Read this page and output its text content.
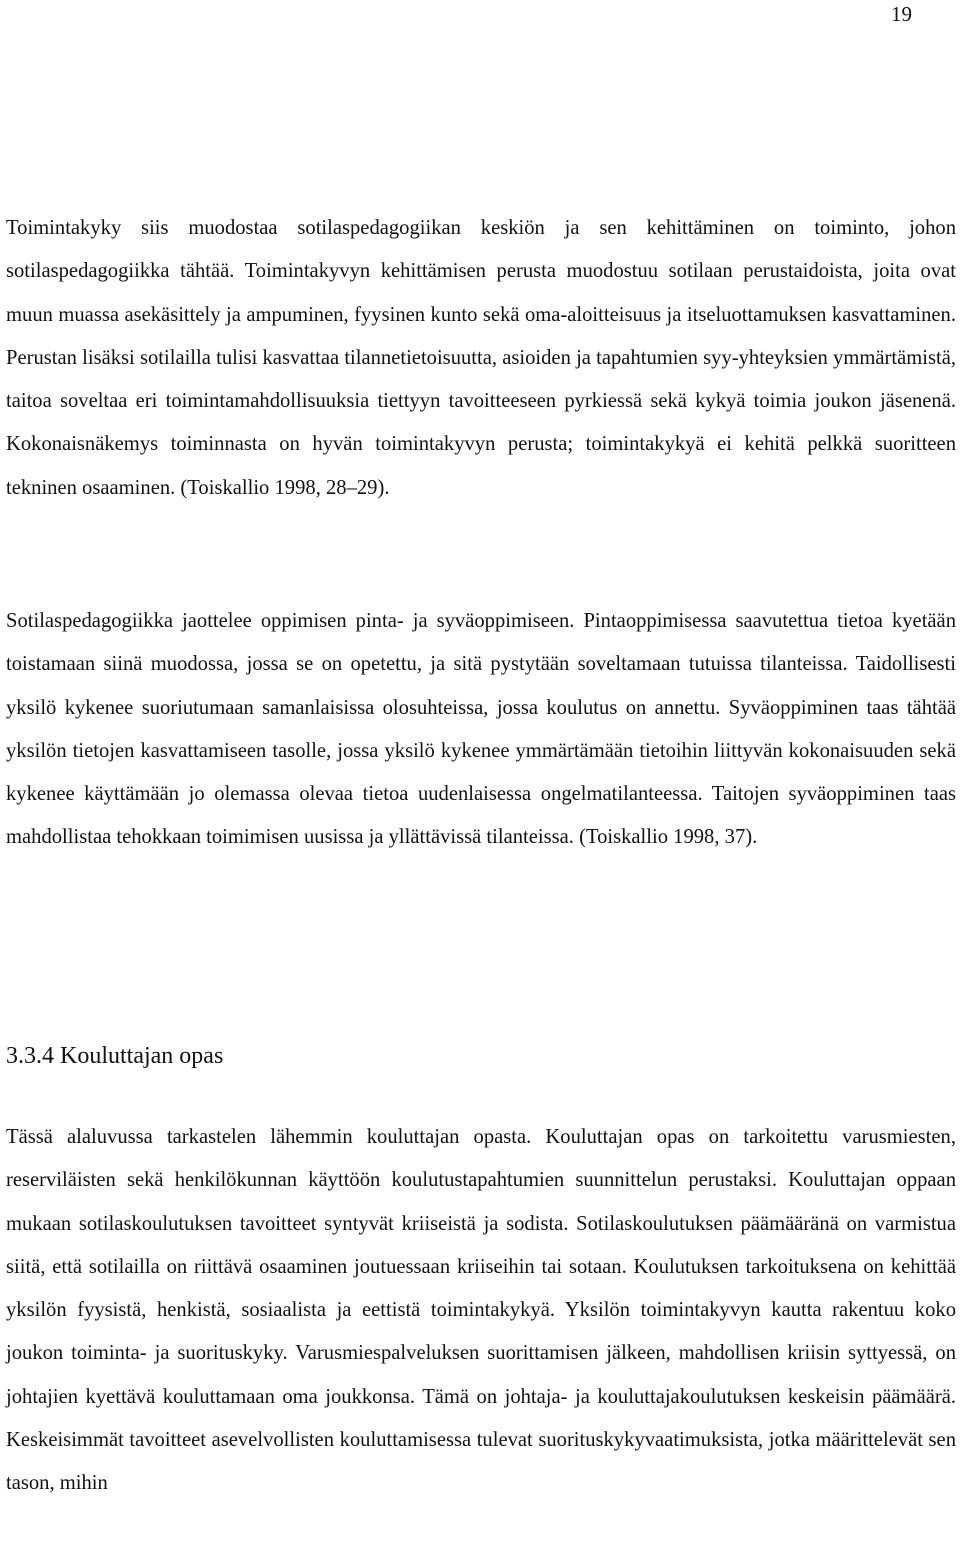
19

Toimintakyky siis muodostaa sotilaspedagogiikan keskiön ja sen kehittäminen on toiminto, johon sotilaspedagogiikka tähtää. Toimintakyvyn kehittämisen perusta muodostuu sotilaan perustaidoista, joita ovat muun muassa asekäsittely ja ampuminen, fyysinen kunto sekä oma-aloitteisuus ja itseluottamuksen kasvattaminen. Perustan lisäksi sotilailla tulisi kasvattaa tilannetietoisuutta, asioiden ja tapahtumien syy-yhteyksien ymmärtämistä, taitoa soveltaa eri toimintamahdollisuuksia tiettyyn tavoitteeseen pyrkiessä sekä kykyä toimia joukon jäsenenä. Kokonaisnäkemys toiminnasta on hyvän toimintakyvyn perusta; toimintakykyä ei kehitä pelkkä suoritteen tekninen osaaminen. (Toiskallio 1998, 28–29).

Sotilaspedagogiikka jaottelee oppimisen pinta- ja syväoppimiseen. Pintaoppimisessa saavutettua tietoa kyetään toistamaan siinä muodossa, jossa se on opetettu, ja sitä pystytään soveltamaan tutuissa tilanteissa. Taidollisesti yksilö kykenee suoriutumaan samanlaisissa olosuhteissa, jossa koulutus on annettu. Syväoppiminen taas tähtää yksilön tietojen kasvattamiseen tasolle, jossa yksilö kykenee ymmärtämään tietoihin liittyvän kokonaisuuden sekä kykenee käyttämään jo olemassa olevaa tietoa uudenlaisessa ongelmatilanteessa. Taitojen syväoppiminen taas mahdollistaa tehokkaan toimimisen uusissa ja yllättävissä tilanteissa. (Toiskallio 1998, 37).

3.3.4 Kouluttajan opas

Tässä alaluvussa tarkastelen lähemmin kouluttajan opasta. Kouluttajan opas on tarkoitettu varusmiesten, reserviläisten sekä henkilökunnan käyttöön koulutustapahtumien suunnittelun perustaksi. Kouluttajan oppaan mukaan sotilaskoulutuksen tavoitteet syntyvät kriiseistä ja sodista. Sotilaskoulutuksen päämääränä on varmistua siitä, että sotilailla on riittävä osaaminen joutuessaan kriiseihin tai sotaan. Koulutuksen tarkoituksena on kehittää yksilön fyysistä, henkistä, sosiaalista ja eettistä toimintakykyä. Yksilön toimintakyvyn kautta rakentuu koko joukon toiminta- ja suorituskyky. Varusmiespalveluksen suorittamisen jälkeen, mahdollisen kriisin syttyessä, on johtajien kyettävä kouluttamaan oma joukkonsa. Tämä on johtaja- ja kouluttajakoulutuksen keskeisin päämäärä. Keskeisimmät tavoitteet asevelvollisten kouluttamisessa tulevat suorituskykyvaatimuksista, jotka määrittelevät sen tason, mihin
